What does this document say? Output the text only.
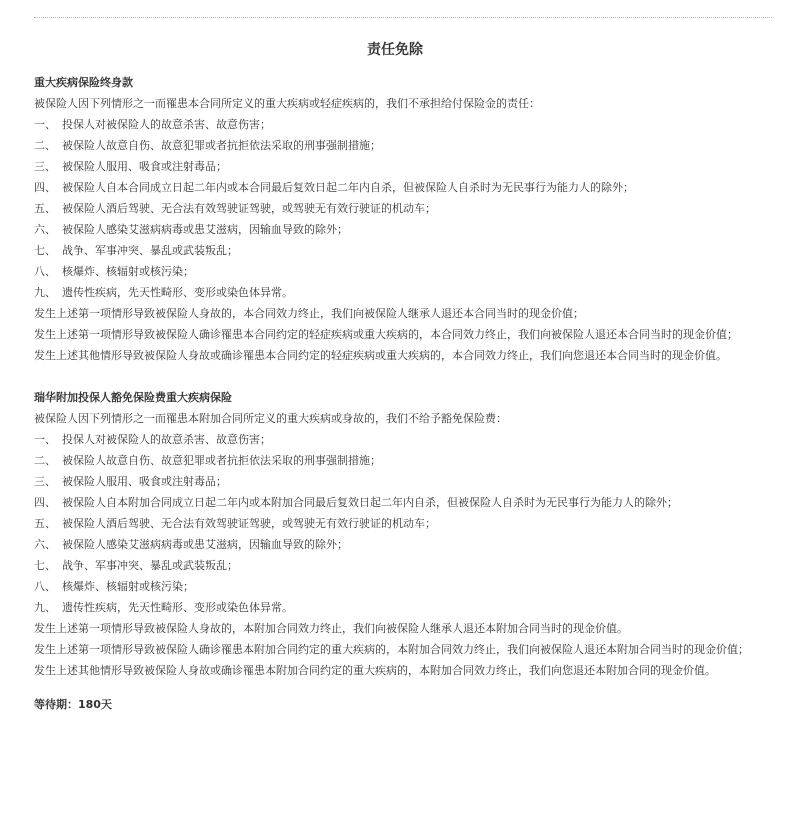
责任免除
重大疾病保险终身款
被保险人因下列情形之一而罹患本合同所定义的重大疾病或轻症疾病的，我们不承担给付保险金的责任：
一、 投保人对被保险人的故意杀害、故意伤害；
二、 被保险人故意自伤、故意犯罪或者抗拒依法采取的刑事强制措施；
三、 被保险人服用、吸食或注射毒品；
四、 被保险人自本合同成立日起二年内或本合同最后复效日起二年内自杀，但被保险人自杀时为无民事行为能力人的除外；
五、 被保险人酒后驾驶、无合法有效驾驶证驾驶，或驾驶无有效行驶证的机动车；
六、 被保险人感染艾滋病病毒或患艾滋病，因输血导致的除外；
七、 战争、军事冲突、暴乱或武装叛乱；
八、 核爆炸、核辐射或核污染；
九、 遗传性疾病，先天性畸形、变形或染色体异常。
发生上述第一项情形导致被保险人身故的，本合同效力终止，我们向被保险人继承人退还本合同当时的现金价值；
发生上述第一项情形导致被保险人确诊罹患本合同约定的轻症疾病或重大疾病的，本合同效力终止，我们向被保险人退还本合同当时的现金价值；
发生上述其他情形导致被保险人身故或确诊罹患本合同约定的轻症疾病或重大疾病的，本合同效力终止，我们向您退还本合同当时的现金价值。
瑞华附加投保人豁免保险费重大疾病保险
被保险人因下列情形之一而罹患本附加合同所定义的重大疾病或身故的，我们不给予豁免保险费：
一、 投保人对被保险人的故意杀害、故意伤害；
二、 被保险人故意自伤、故意犯罪或者抗拒依法采取的刑事强制措施；
三、 被保险人服用、吸食或注射毒品；
四、 被保险人自本附加合同成立日起二年内或本附加合同最后复效日起二年内自杀，但被保险人自杀时为无民事行为能力人的除外；
五、 被保险人酒后驾驶、无合法有效驾驶证驾驶，或驾驶无有效行驶证的机动车；
六、 被保险人感染艾滋病病毒或患艾滋病，因输血导致的除外；
七、 战争、军事冲突、暴乱或武装叛乱；
八、 核爆炸、核辐射或核污染；
九、 遗传性疾病，先天性畸形、变形或染色体异常。
发生上述第一项情形导致被保险人身故的，本附加合同效力终止，我们向被保险人继承人退还本附加合同当时的现金价值。
发生上述第一项情形导致被保险人确诊罹患本附加合同约定的重大疾病的，本附加合同效力终止，我们向被保险人退还本附加合同当时的现金价值；
发生上述其他情形导致被保险人身故或确诊罹患本附加合同约定的重大疾病的，本附加合同效力终止，我们向您退还本附加合同的现金价值。
等待期：180天
